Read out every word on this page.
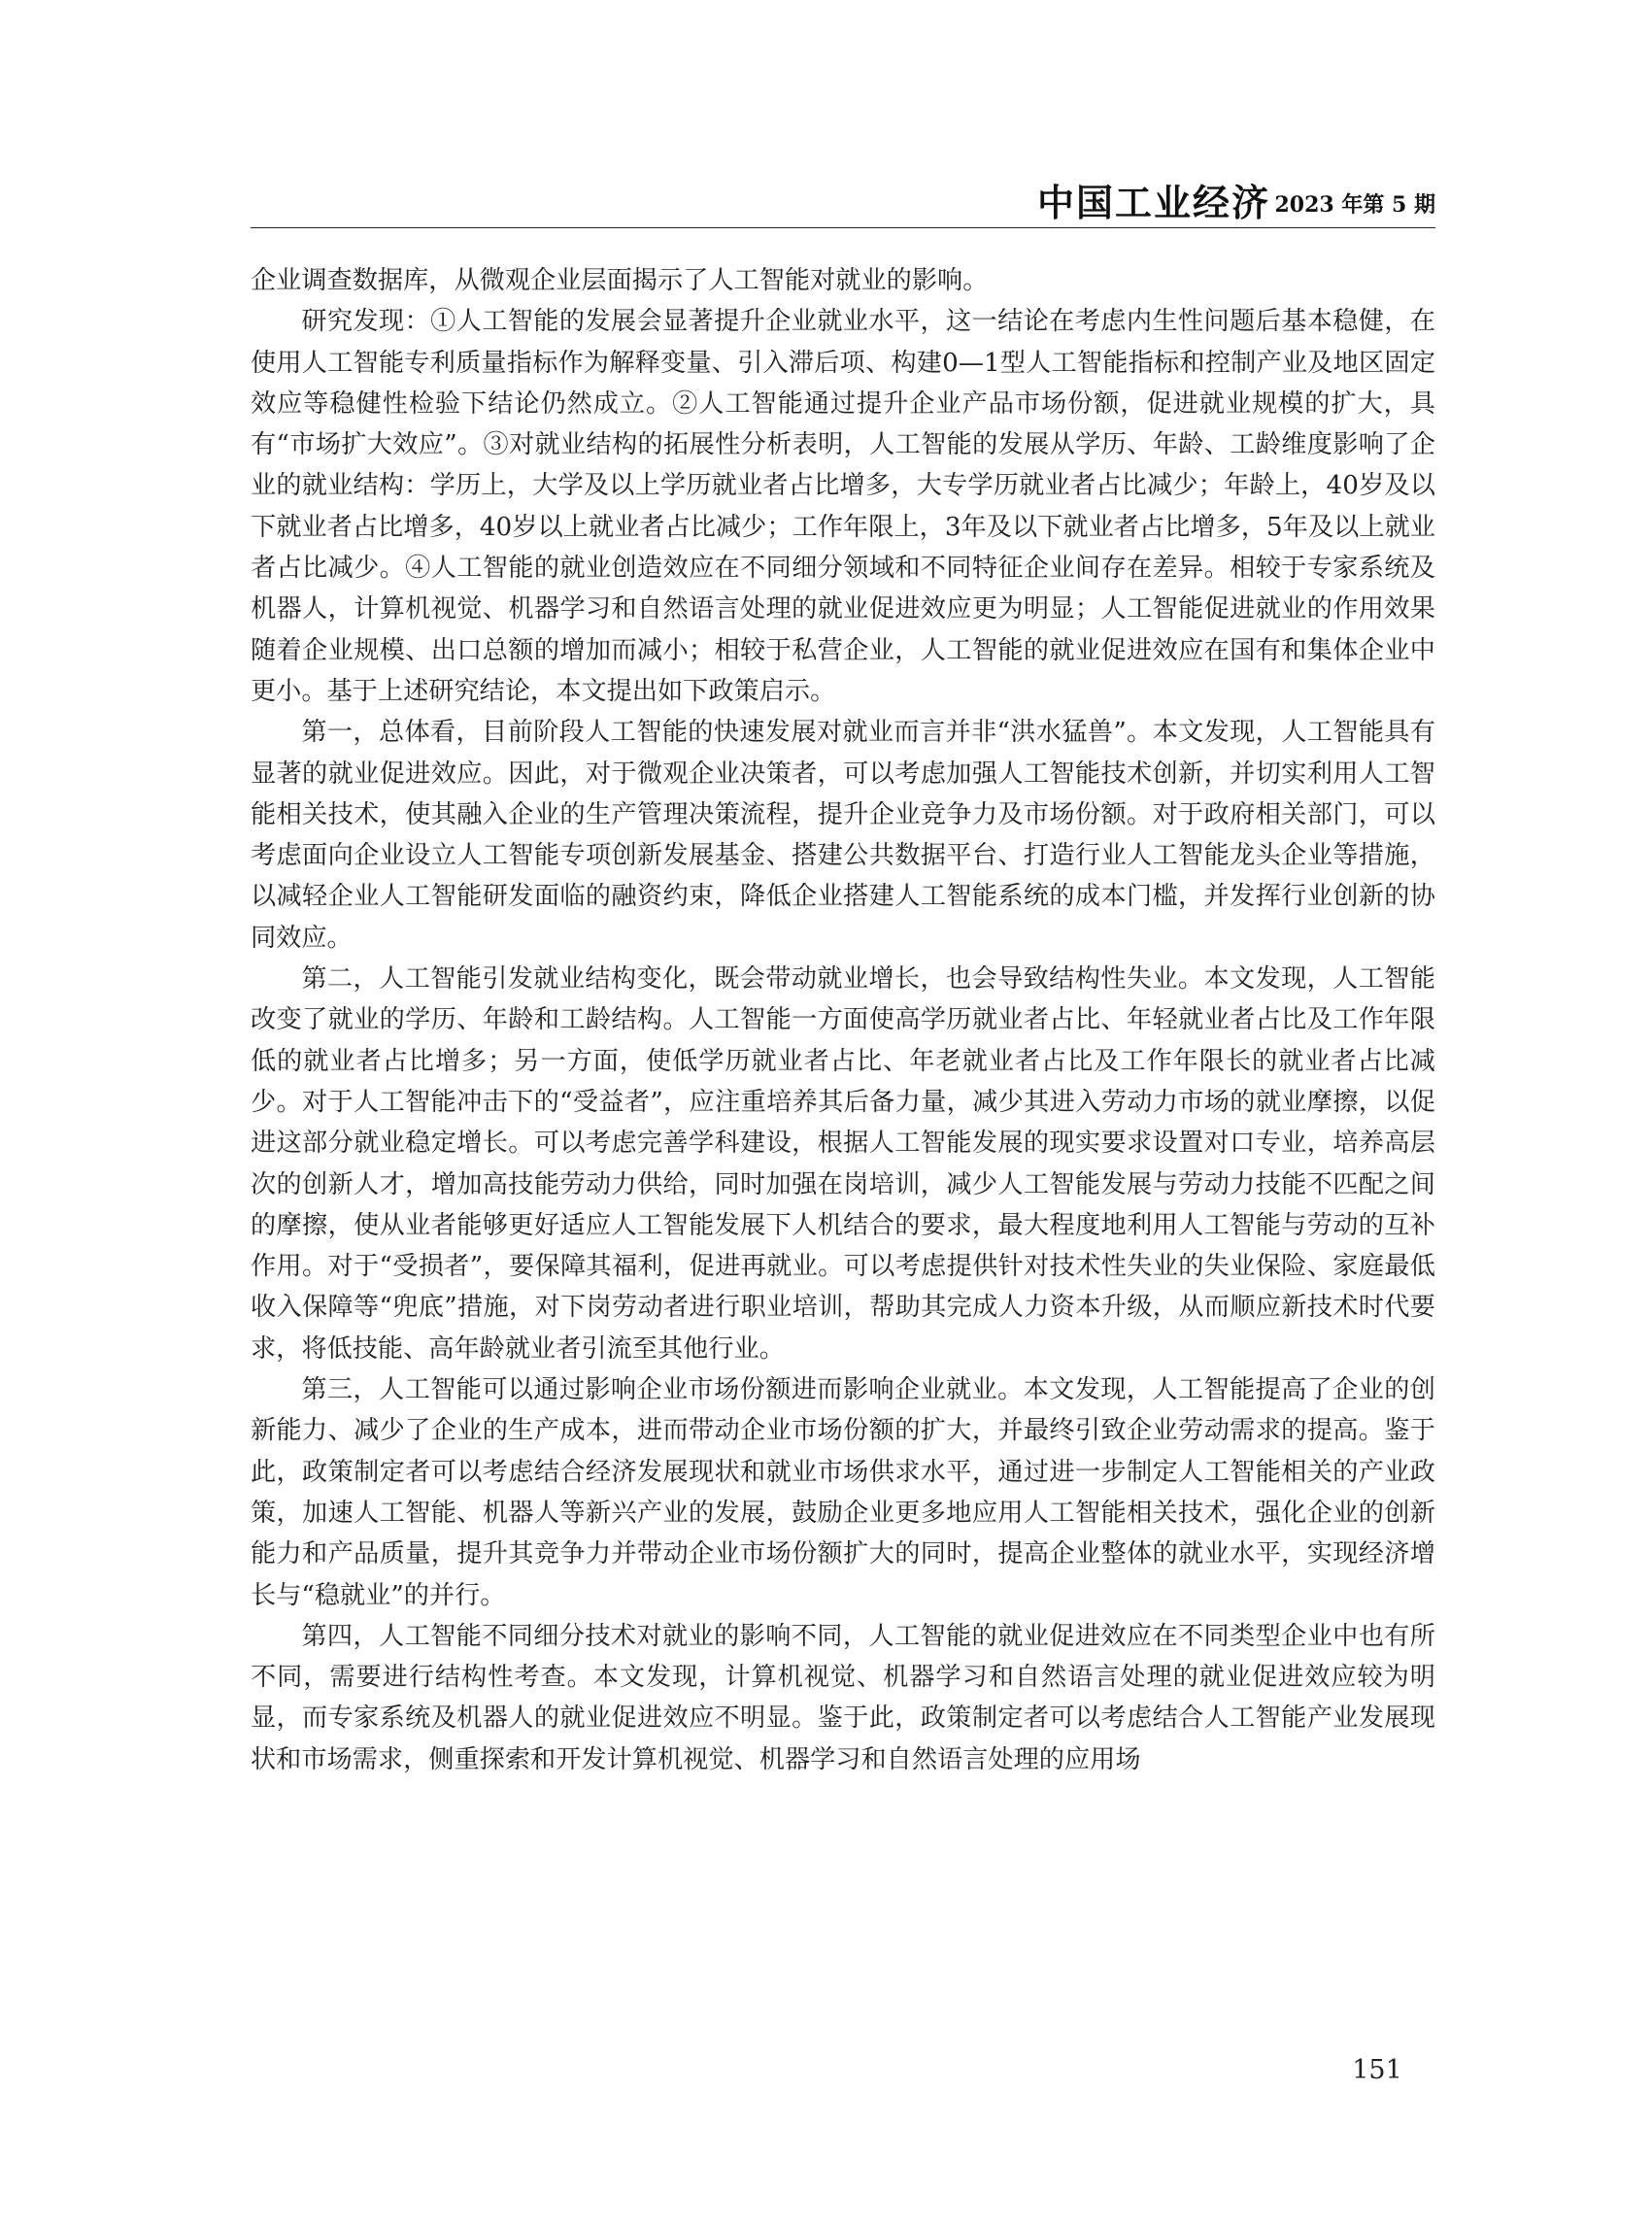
中国工业经济 2023 年第 5 期

企业调查数据库，从微观企业层面揭示了人工智能对就业的影响。

研究发现：①人工智能的发展会显著提升企业就业水平，这一结论在考虑内生性问题后基本稳健，在使用人工智能专利质量指标作为解释变量、引入滞后项、构建0—1型人工智能指标和控制产业及地区固定效应等稳健性检验下结论仍然成立。②人工智能通过提升企业产品市场份额，促进就业规模的扩大，具有“市场扩大效应”。③对就业结构的拓展性分析表明，人工智能的发展从学历、年龄、工龄维度影响了企业的就业结构：学历上，大学及以上学历就业者占比增多，大专学历就业者占比减少；年龄上，40岁及以下就业者占比增多，40岁以上就业者占比减少；工作年限上，3年及以下就业者占比增多，5年及以上就业者占比减少。④人工智能的就业创造效应在不同细分领域和不同特征企业间存在差异。相较于专家系统及机器人，计算机视觉、机器学习和自然语言处理的就业促进效应更为明显；人工智能促进就业的作用效果随着企业规模、出口总额的增加而减小；相较于私营企业，人工智能的就业促进效应在国有和集体企业中更小。基于上述研究结论，本文提出如下政策启示。

第一，总体看，目前阶段人工智能的快速发展对就业而言并非“洪水猛兽”。本文发现，人工智能具有显著的就业促进效应。因此，对于微观企业决策者，可以考虑加强人工智能技术创新，并切实利用人工智能相关技术，使其融入企业的生产管理决策流程，提升企业竞争力及市场份额。对于政府相关部门，可以考虑面向企业设立人工智能专项创新发展基金、搭建公共数据平台、打造行业人工智能龙头企业等措施，以减轻企业人工智能研发面临的融资约束，降低企业搭建人工智能系统的成本门槛，并发挥行业创新的协同效应。

第二，人工智能引发就业结构变化，既会带动就业增长，也会导致结构性失业。本文发现，人工智能改变了就业的学历、年龄和工龄结构。人工智能一方面使高学历就业者占比、年轻就业者占比及工作年限低的就业者占比增多；另一方面，使低学历就业者占比、年老就业者占比及工作年限长的就业者占比减少。对于人工智能冲击下的“受益者”，应注重培养其后备力量，减少其进入劳动力市场的就业摩擦，以促进这部分就业稳定增长。可以考虑完善学科建设，根据人工智能发展的现实要求设置对口专业，培养高层次的创新人才，增加高技能劳动力供给，同时加强在岗培训，减少人工智能发展与劳动力技能不匹配之间的摩擦，使从业者能够更好适应人工智能发展下人机结合的要求，最大程度地利用人工智能与劳动的互补作用。对于“受损者”，要保障其福利，促进再就业。可以考虑提供针对技术性失业的失业保险、家庭最低收入保障等“兜底”措施，对下岗劳动者进行职业培训，帮助其完成人力资本升级，从而顺应新技术时代要求，将低技能、高年龄就业者引流至其他行业。

第三，人工智能可以通过影响企业市场份额进而影响企业就业。本文发现，人工智能提高了企业的创新能力、减少了企业的生产成本，进而带动企业市场份额的扩大，并最终引致企业劳动需求的提高。鉴于此，政策制定者可以考虑结合经济发展现状和就业市场供求水平，通过进一步制定人工智能相关的产业政策，加速人工智能、机器人等新兴产业的发展，鼓励企业更多地应用人工智能相关技术，强化企业的创新能力和产品质量，提升其竞争力并带动企业市场份额扩大的同时，提高企业整体的就业水平，实现经济增长与“稳就业”的并行。

第四，人工智能不同细分技术对就业的影响不同，人工智能的就业促进效应在不同类型企业中也有所不同，需要进行结构性考查。本文发现，计算机视觉、机器学习和自然语言处理的就业促进效应较为明显，而专家系统及机器人的就业促进效应不明显。鉴于此，政策制定者可以考虑结合人工智能产业发展现状和市场需求，侧重探索和开发计算机视觉、机器学习和自然语言处理的应用场

151
